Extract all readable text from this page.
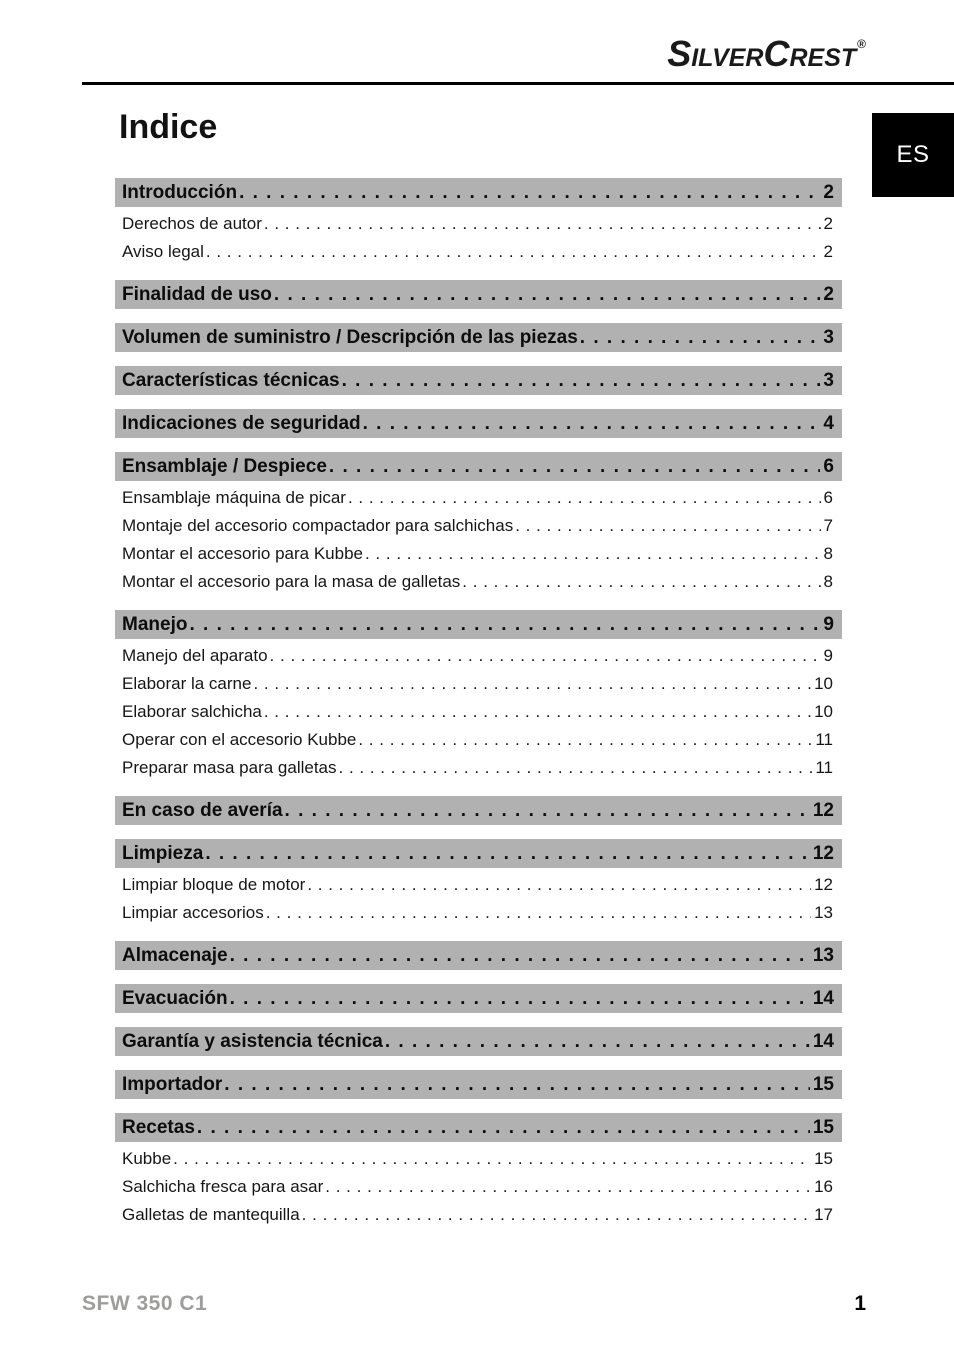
SilverCrest®
ES
Indice
Introducción . . .	2
Derechos de autor . . .	2
Aviso legal . . .	2
Finalidad de uso . . .	2
Volumen de suministro / Descripción de las piezas . . .	3
Características técnicas . . .	3
Indicaciones de seguridad . . .	4
Ensamblaje / Despiece . . .	6
Ensamblaje máquina de picar . . .	6
Montaje del accesorio compactador para salchichas . . .	7
Montar el accesorio para Kubbe . . .	8
Montar el accesorio para la masa de galletas . . .	8
Manejo . . .	9
Manejo del aparato . . .	9
Elaborar la carne . . .	10
Elaborar salchicha . . .	10
Operar con el accesorio Kubbe . . .	11
Preparar masa para galletas . . .	11
En caso de avería . . .	12
Limpieza . . .	12
Limpiar bloque de motor . . .	12
Limpiar accesorios . . .	13
Almacenaje . . .	13
Evacuación . . .	14
Garantía y asistencia técnica . . .	14
Importador . . .	15
Recetas . . .	15
Kubbe . . .	15
Salchicha fresca para asar . . .	16
Galletas de mantequilla . . .	17
SFW 350 C1	1
